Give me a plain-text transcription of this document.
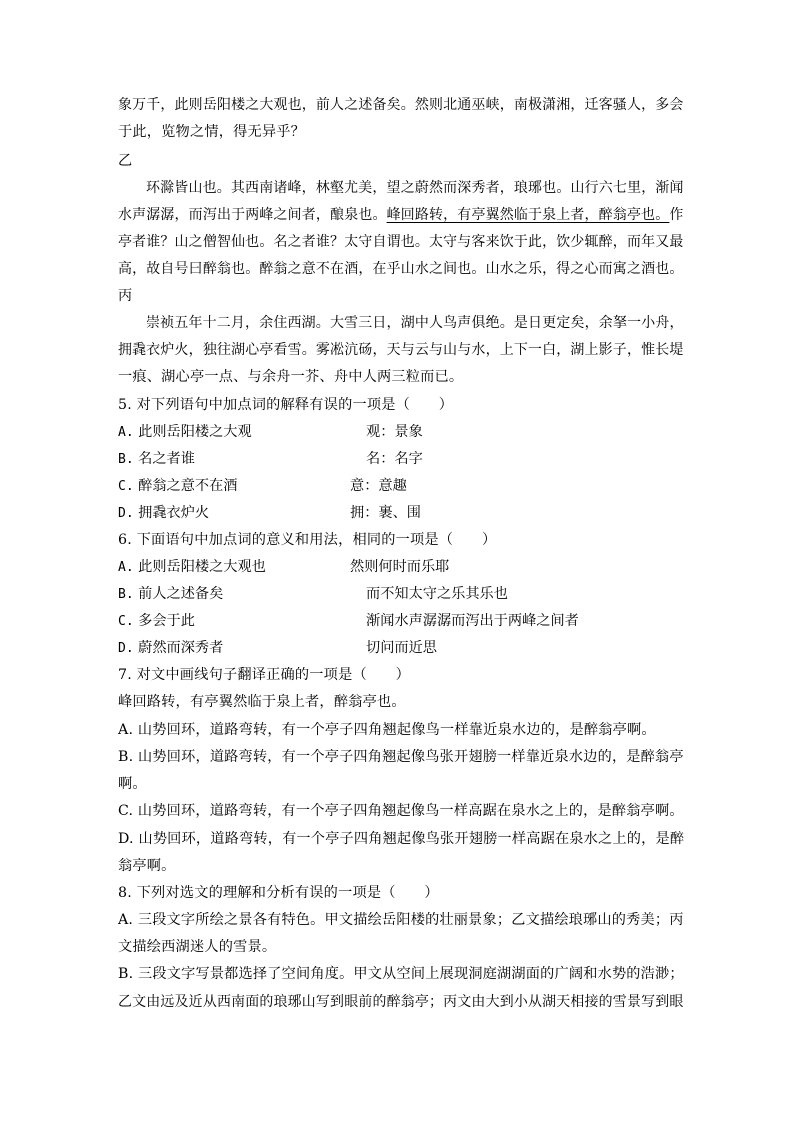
象万千，此则岳阳楼之大观也，前人之述备矣。然则北通巫峡，南极潇湘，迁客骚人，多会
于此，览物之情，得无异乎？
乙
环滁皆山也。其西南诸峰，林壑尤美，望之蔚然而深秀者，琅琊也。山行六七里，渐闻
水声潺潺，而泻出于两峰之间者，酿泉也。峰回路转，有亭翼然临于泉上者，醉翁亭也。作
亭者谁？山之僧智仙也。名之者谁？太守自谓也。太守与客来饮于此，饮少辄醉，而年又最
高，故自号曰醉翁也。醉翁之意不在酒，在乎山水之间也。山水之乐，得之心而寓之酒也。
丙
崇祯五年十二月，余住西湖。大雪三日，湖中人鸟声俱绝。是日更定矣，余拏一小舟，
拥毳衣炉火，独往湖心亭看雪。雾凇沆砀，天与云与山与水，上下一白，湖上影子，惟长堤
一痕、湖心亭一点、与余舟一芥、舟中人两三粒而已。
5. 对下列语句中加点词的解释有误的一项是（　　）
A. 此则岳阳楼之大观	观：景象
B. 名之者谁	名：名字
C. 醉翁之意不在酒	意：意趣
D. 拥毳衣炉火	拥：裹、围
6. 下面语句中加点词的意义和用法，相同的一项是（　　）
A. 此则岳阳楼之大观也	然则何时而乐耶
B. 前人之述备矣	而不知太守之乐其乐也
C. 多会于此	渐闻水声潺潺而泻出于两峰之间者
D. 蔚然而深秀者	切问而近思
7. 对文中画线句子翻译正确的一项是（　　）
峰回路转，有亭翼然临于泉上者，醉翁亭也。
A. 山势回环，道路弯转，有一个亭子四角翘起像鸟一样靠近泉水边的，是醉翁亭啊。
B. 山势回环，道路弯转，有一个亭子四角翘起像鸟张开翅膀一样靠近泉水边的，是醉翁亭
啊。
C. 山势回环，道路弯转，有一个亭子四角翘起像鸟一样高踞在泉水之上的，是醉翁亭啊。
D. 山势回环，道路弯转，有一个亭子四角翘起像鸟张开翅膀一样高踞在泉水之上的，是醉
翁亭啊。
8. 下列对选文的理解和分析有误的一项是（　　）
A. 三段文字所绘之景各有特色。甲文描绘岳阳楼的壮丽景象；乙文描绘琅琊山的秀美；丙
文描绘西湖迷人的雪景。
B. 三段文字写景都选择了空间角度。甲文从空间上展现洞庭湖湖面的广阔和水势的浩渺；
乙文由远及近从西南面的琅琊山写到眼前的醉翁亭；丙文由大到小从湖天相接的雪景写到眼
